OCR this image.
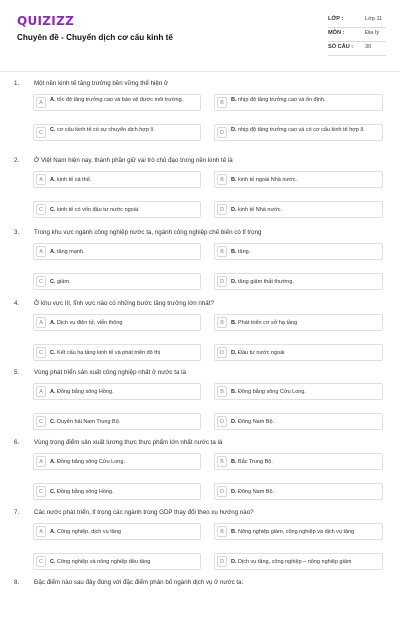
QUIZIZZ
Chuyên đề - Chuyển dịch cơ cấu kinh tế
LỚP :	Lớp 11
MÔN :	Địa lý
SỐ CÂU : 30
1. Một nền kinh tế tăng trưởng bền vững thể hiện ở
A	A. tốc độ tăng trưởng cao và bảo vệ được môi trường.	B	B. nhịp độ tăng trưởng cao và ổn định.
C	C. cơ cấu kinh tế có sự chuyển dịch hợp lí.	D	D. nhịp độ tăng trưởng cao và có cơ cấu kinh tế hợp lí.
2. Ở Việt Nam hiện nay, thành phần giữ vai trò chủ đạo trong nền kinh tế là
A	A. kinh tế cá thể.	B	B. kinh tế ngoài Nhà nước.
C	C. kinh tế có vốn đầu tư nước ngoài.	D	D. kinh tế Nhà nước.
3. Trong khu vực ngành công nghiệp nước ta, ngành công nghiệp chế biến có tỉ trọng
A	A. tăng mạnh.	B	B. tăng.
C	C. giảm.	D	D. tăng giảm thất thường.
4. Ở khu vực III, lĩnh vực nào có những bước tăng trưởng lớn nhất?
A	A. Dịch vụ điện tử, viễn thông	B	B. Phát triển cơ sở hạ tầng
C	C. Kết cấu hạ tầng kinh tế và phát triển đô thị	D	D. Đầu tư nước ngoài
5. Vùng phát triển sản xuất công nghiệp nhất ở nước ta là
A	A. Đồng bằng sông Hồng.	B	B. Đồng bằng sông Cửu Long.
C	C. Duyên hải Nam Trung Bộ.	D	D. Đông Nam Bộ.
6. Vùng trọng điểm sản xuất lương thực thực phẩm lớn nhất nước ta là
A	A. Đồng bằng sông Cửu Long.	B	B. Bắc Trung Bộ.
C	C. Đồng bằng sông Hồng.	D	D. Đông Nam Bộ.
7. Các nước phát triển, tỉ trọng các ngành trong GDP thay đổi theo xu hướng nào?
A	A. Công nghiệp, dịch vụ tăng	B	B. Nông nghiệp giảm, công nghiệp và dịch vụ tăng
C	C. Công nghiệp và nông nghiệp đều tăng	D	D. Dịch vụ tăng, công nghiệp – nông nghiệp giảm
8. Đặc điểm nào sau đây đúng với đặc điểm phân bố ngành dịch vụ ở nước ta:
